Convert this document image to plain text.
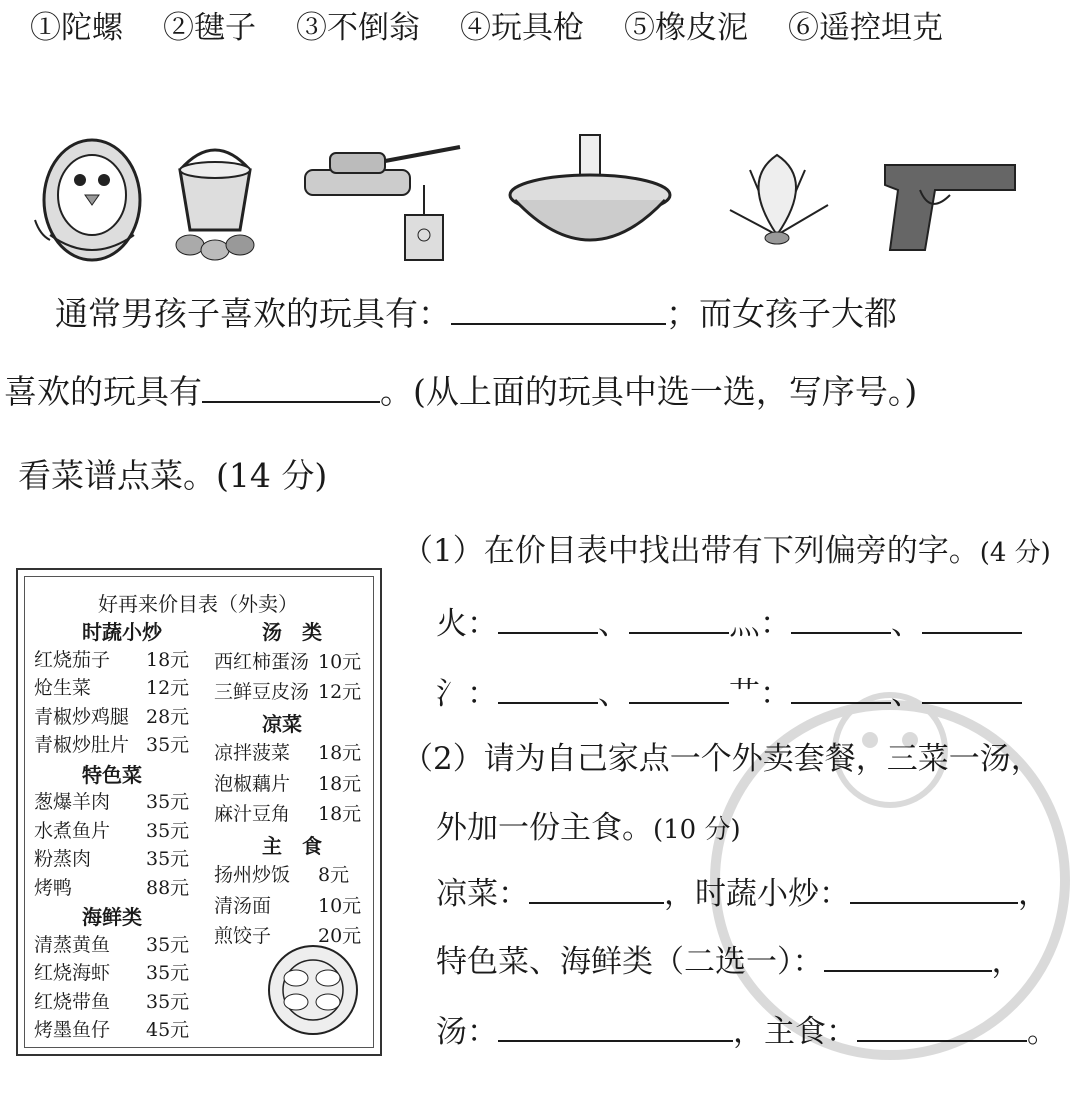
①陀螺 ②毽子 ③不倒翁 ④玩具枪 ⑤橡皮泥 ⑥遥控坦克
通常男孩子喜欢的玩具有：	；而女孩子大都
喜欢的玩具有	。(从上面的玩具中选一选，写序号。)
看菜谱点菜。(14 分)
好再来价目表（外卖）
时蔬小炒
红烧茄子 18元
炝生菜	12元
青椒炒鸡腿 28元
青椒炒肚片 35元
特色菜
葱爆羊肉 35元
水煮鱼片 35元
粉蒸肉	35元
烤鸭	88元
海鲜类
清蒸黄鱼 35元
红烧海虾 35元
红烧带鱼 35元
烤墨鱼仔 45元
汤　类
西红柿蛋汤 10元
三鲜豆皮汤 12元
凉菜
凉拌菠菜 18元
泡椒藕片 18元
麻汁豆角 18元
主　食
扬州炒饭 8元
清汤面 10元
煎饺子 20元
（1）在价目表中找出带有下列偏旁的字。(4 分)
火：	、	灬：	、
氵：	、	艹：	、
（2）请为自己家点一个外卖套餐，三菜一汤，
外加一份主食。(10 分)
凉菜：	，时蔬小炒：	，
特色菜、海鲜类（二选一）：	，
汤：	，主食：	。
